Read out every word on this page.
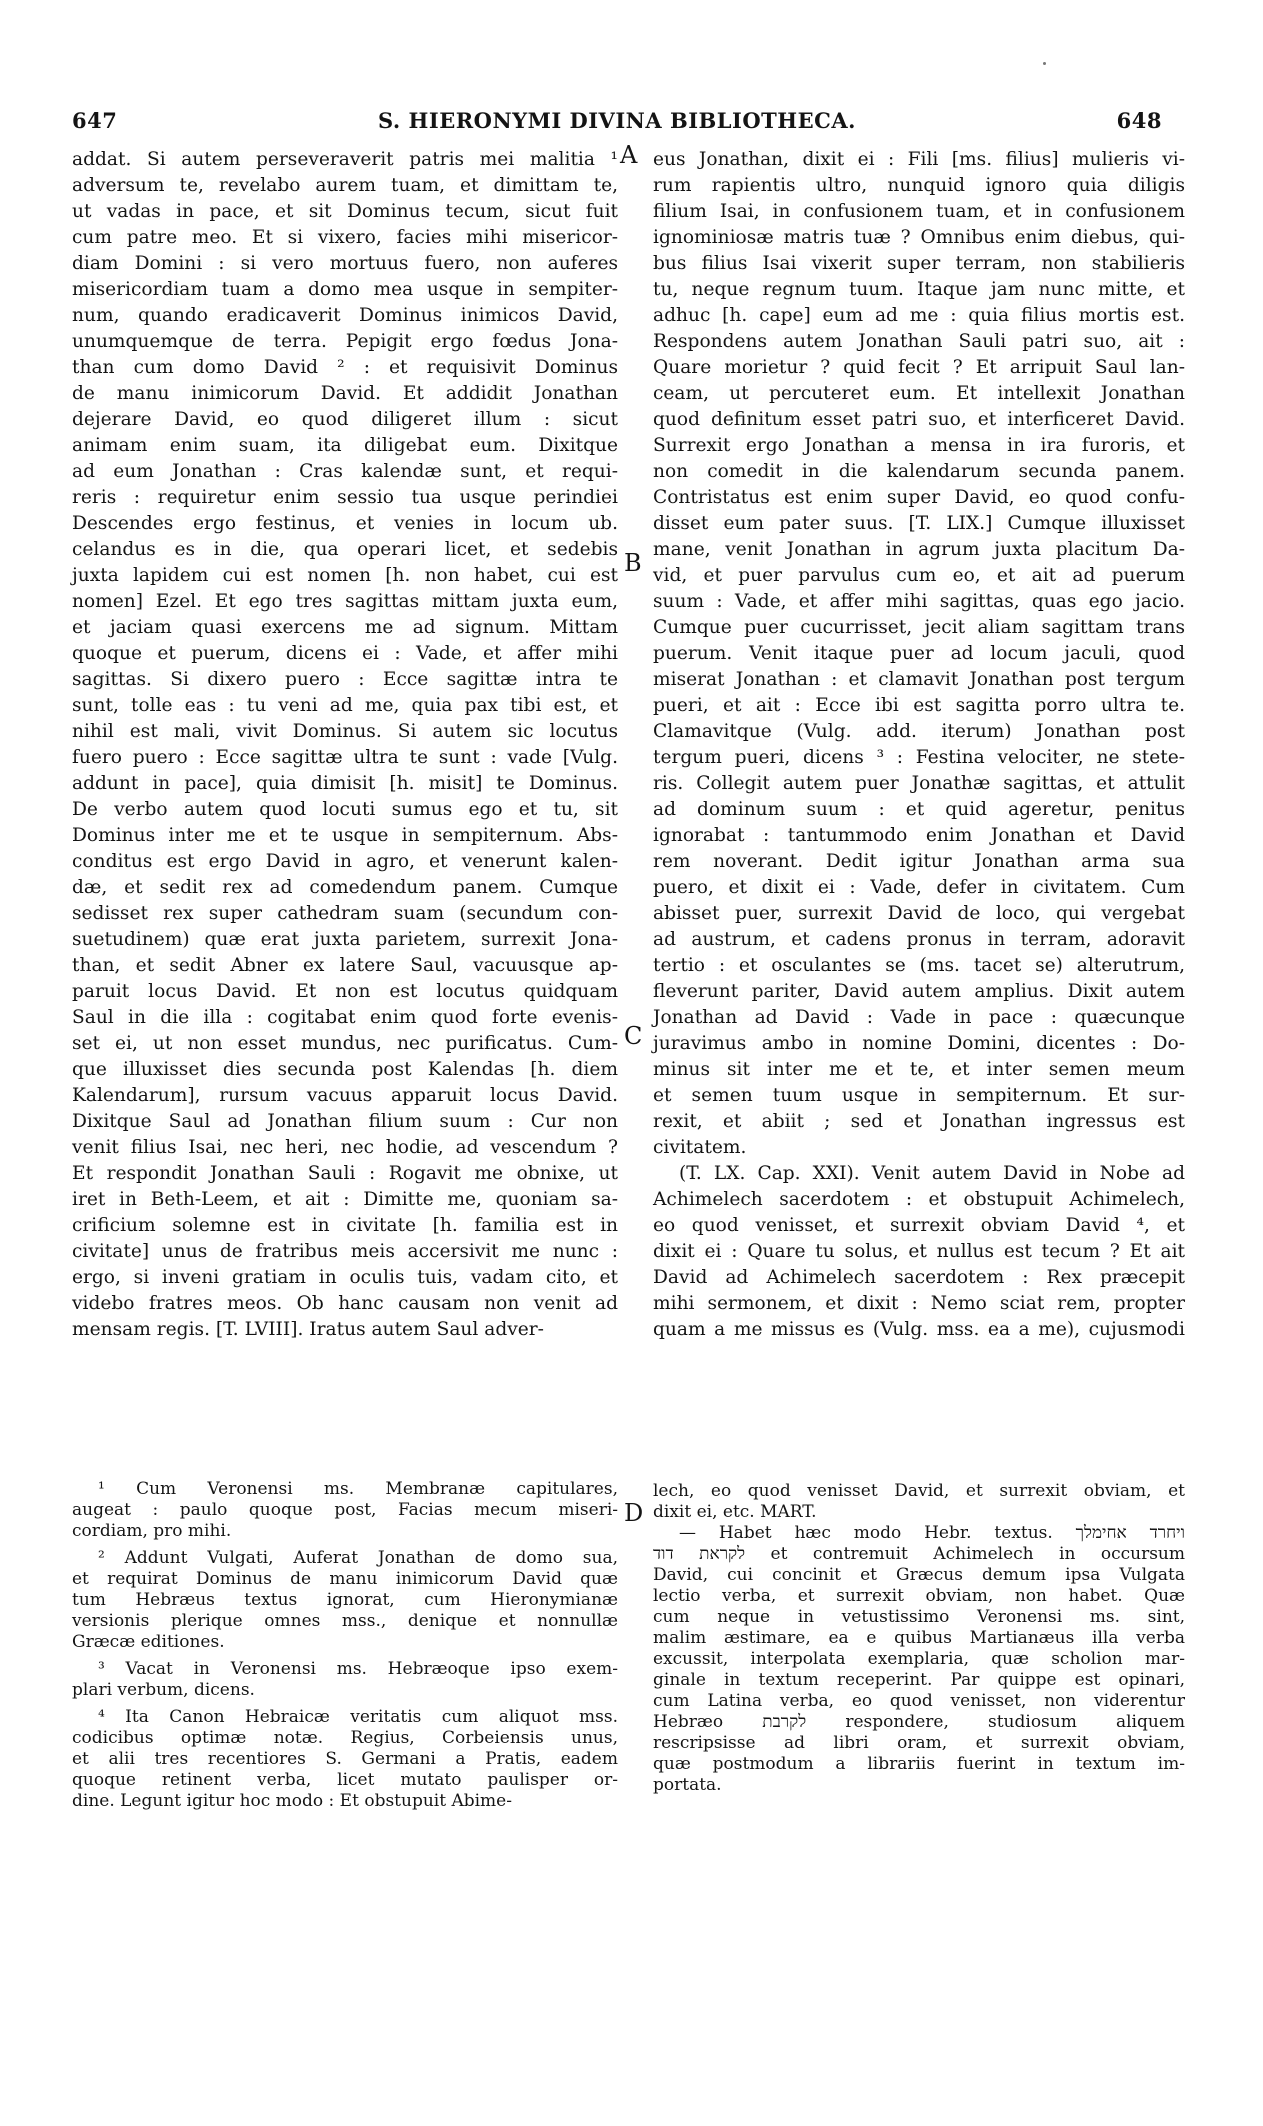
647	S. HIERONYMI DIVINA BIBLIOTHECA.	648
addat. Si autem perseveraverit patris mei malitia ¹
adversum te, revelabo aurem tuam, et dimittam te,
ut vadas in pace, et sit Dominus tecum, sicut fuit
cum patre meo. Et si vixero, facies mihi misericor-
diam Domini : si vero mortuus fuero, non auferes
misericordiam tuam a domo mea usque in sempiter-
num, quando eradicaverit Dominus inimicos David,
unumquemque de terra. Pepigit ergo fœdus Jona-
than cum domo David ² : et requisivit Dominus
de manu inimicorum David. Et addidit Jonathan
dejerare David, eo quod diligeret illum : sicut
animam enim suam, ita diligebat eum. Dixitque
ad eum Jonathan : Cras kalendæ sunt, et requi-
reris : requiretur enim sessio tua usque perindiei
Descendes ergo festinus, et venies in locum ub.
celandus es in die, qua operari licet, et sedebis
juxta lapidem cui est nomen [h. non habet, cui est
nomen] Ezel. Et ego tres sagittas mittam juxta eum,
et jaciam quasi exercens me ad signum. Mittam
quoque et puerum, dicens ei : Vade, et affer mihi
sagittas. Si dixero puero : Ecce sagittæ intra te
sunt, tolle eas : tu veni ad me, quia pax tibi est, et
nihil est mali, vivit Dominus. Si autem sic locutus
fuero puero : Ecce sagittæ ultra te sunt : vade [Vulg.
addunt in pace], quia dimisit [h. misit] te Dominus.
De verbo autem quod locuti sumus ego et tu, sit
Dominus inter me et te usque in sempiternum. Abs-
conditus est ergo David in agro, et venerunt kalen-
dæ, et sedit rex ad comedendum panem. Cumque
sedisset rex super cathedram suam (secundum con-
suetudinem) quæ erat juxta parietem, surrexit Jona-
than, et sedit Abner ex latere Saul, vacuusque ap-
paruit locus David. Et non est locutus quidquam
Saul in die illa : cogitabat enim quod forte evenis-
set ei, ut non esset mundus, nec purificatus. Cum-
que illuxisset dies secunda post Kalendas [h. diem
Kalendarum], rursum vacuus apparuit locus David.
Dixitque Saul ad Jonathan filium suum : Cur non
venit filius Isai, nec heri, nec hodie, ad vescendum ?
Et respondit Jonathan Sauli : Rogavit me obnixe, ut
iret in Beth-Leem, et ait : Dimitte me, quoniam sa-
crificium solemne est in civitate [h. familia est in
civitate] unus de fratribus meis accersivit me nunc :
ergo, si inveni gratiam in oculis tuis, vadam cito, et
videbo fratres meos. Ob hanc causam non venit ad
mensam regis. [T. LVIII]. Iratus autem Saul adver-
eus Jonathan, dixit ei : Fili [ms. filius] mulieris vi-
rum rapientis ultro, nunquid ignoro quia diligis
filium Isai, in confusionem tuam, et in confusionem
ignominiosæ matris tuæ ? Omnibus enim diebus, qui-
bus filius Isai vixerit super terram, non stabilieris
tu, neque regnum tuum. Itaque jam nunc mitte, et
adhuc [h. cape] eum ad me : quia filius mortis est.
Respondens autem Jonathan Sauli patri suo, ait :
Quare morietur ? quid fecit ? Et arripuit Saul lan-
ceam, ut percuteret eum. Et intellexit Jonathan
quod definitum esset patri suo, et interficeret David.
Surrexit ergo Jonathan a mensa in ira furoris, et
non comedit in die kalendarum secunda panem.
Contristatus est enim super David, eo quod confu-
disset eum pater suus. [T. LIX.] Cumque illuxisset
mane, venit Jonathan in agrum juxta placitum Da-
vid, et puer parvulus cum eo, et ait ad puerum
suum : Vade, et affer mihi sagittas, quas ego jacio.
Cumque puer cucurrisset, jecit aliam sagittam trans
puerum. Venit itaque puer ad locum jaculi, quod
miserat Jonathan : et clamavit Jonathan post tergum
pueri, et ait : Ecce ibi est sagitta porro ultra te.
Clamavitque (Vulg. add. iterum) Jonathan post
tergum pueri, dicens ³ : Festina velociter, ne stete-
ris. Collegit autem puer Jonathæ sagittas, et attulit
ad dominum suum : et quid ageretur, penitus
ignorabat : tantummodo enim Jonathan et David
rem noverant. Dedit igitur Jonathan arma sua
puero, et dixit ei : Vade, defer in civitatem. Cum
abisset puer, surrexit David de loco, qui vergebat
ad austrum, et cadens pronus in terram, adoravit
tertio : et osculantes se (ms. tacet se) alterutrum,
fleverunt pariter, David autem amplius. Dixit autem
Jonathan ad David : Vade in pace : quæcunque
juravimus ambo in nomine Domini, dicentes : Do-
minus sit inter me et te, et inter semen meum
et semen tuum usque in sempiternum. Et sur-
rexit, et abiit ; sed et Jonathan ingressus est
civitatem.
(T. LX. Cap. XXI). Venit autem David in Nobe ad
Achimelech sacerdotem : et obstupuit Achimelech,
eo quod venisset, et surrexit obviam David ⁴, et
dixit ei : Quare tu solus, et nullus est tecum ? Et ait
David ad Achimelech sacerdotem : Rex præcepit
mihi sermonem, et dixit : Nemo sciat rem, propter
quam a me missus es (Vulg. mss. ea a me), cujusmodi
A
B
C
D
¹ Cum Veronensi ms. Membranæ capitulares,
augeat : paulo quoque post, Facias mecum miseri-
cordiam, pro mihi.
² Addunt Vulgati, Auferat Jonathan de domo sua,
et requirat Dominus de manu inimicorum David quæ
tum Hebræus textus ignorat, cum Hieronymianæ
versionis plerique omnes mss., denique et nonnullæ
Græcæ editiones.
³ Vacat in Veronensi ms. Hebræoque ipso exem-
plari verbum, dicens.
⁴ Ita Canon Hebraicæ veritatis cum aliquot mss.
codicibus optimæ notæ. Regius, Corbeiensis unus,
et alii tres recentiores S. Germani a Pratis, eadem
quoque retinent verba, licet mutato paulisper or-
dine. Legunt igitur hoc modo : Et obstupuit Abime-
lech, eo quod venisset David, et surrexit obviam, et
dixit ei, etc. MART.
— Habet hæc modo Hebr. textus. ויחרד אחימלך
לקראת דוד et contremuit Achimelech in occursum
David, cui concinit et Græcus demum ipsa Vulgata
lectio verba, et surrexit obviam, non habet. Quæ
cum neque in vetustissimo Veronensi ms. sint,
malim æstimare, ea e quibus Martianæus illa verba
excussit, interpolata exemplaria, quæ scholion mar-
ginale in textum receperint. Par quippe est opinari,
cum Latina verba, eo quod venisset, non viderentur
Hebræo לקרבת respondere, studiosum aliquem
rescripsisse ad libri oram, et surrexit obviam,
quæ postmodum a librariis fuerint in textum im-
portata.
